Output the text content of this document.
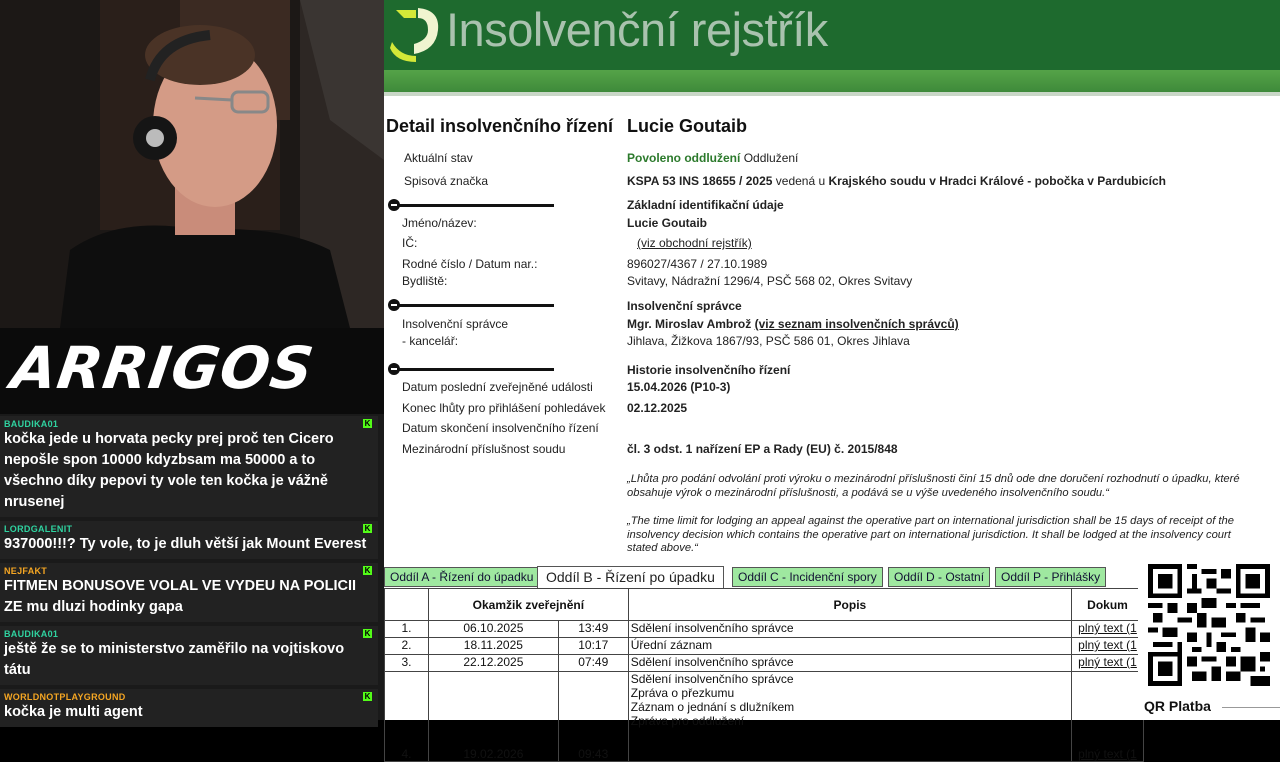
ARRIGOS
BAUDIKA01
kočka jede u horvata pecky prej proč ten Cicero nepošle spon 10000 kdyzbsam ma 50000 a to všechno díky pepovi ty vole ten kočka je vážně nrusenej
K
LORDGALENIT
937000!!!? Ty vole, to je dluh větší jak Mount Everest
K
NEJFAKT
FITMEN BONUSOVE VOLAL VE VYDEU NA POLICII ZE mu dluzi hodinky gapa
K
BAUDIKA01
ještě že se to ministerstvo zaměřilo na vojtiskovo tátu
K
WORLDNOTPLAYGROUND
kočka je multi agent
K
Insolvenční rejstřík
Detail insolvenčního řízení Lucie Goutaib
Aktuální stav	Povoleno oddlužení Oddlužení
Spisová značka	KSPA 53 INS 18655 / 2025 vedená u Krajského soudu v Hradci Králové - pobočka v Pardubicích
Základní identifikační údaje
Jméno/název:	Lucie Goutaib
IČ:	(viz obchodní rejstřík)
Rodné číslo / Datum nar.:	896027/4367 / 27.10.1989
Bydliště:	Svitavy, Nádražní 1296/4, PSČ 568 02, Okres Svitavy
Insolvenční správce
Insolvenční správce	Mgr. Miroslav Ambrož (viz seznam insolvenčních správců)
- kancelář:	Jihlava, Žižkova 1867/93, PSČ 586 01, Okres Jihlava
Historie insolvenčního řízení
Datum poslední zveřejněné události	15.04.2026 (P10-3)
Konec lhůty pro přihlášení pohledávek 02.12.2025
Datum skončení insolvenčního řízení
Mezinárodní příslušnost soudu	čl. 3 odst. 1 nařízení EP a Rady (EU) č. 2015/848
„Lhůta pro podání odvolání proti výroku o mezinárodní příslušnosti činí 15 dnů ode dne doručení rozhodnutí o úpadku, které obsahuje výrok o mezinárodní příslušnosti, a podává se u výše uvedeného insolvenčního soudu.“
„The time limit for lodging an appeal against the operative part on international jurisdiction shall be 15 days of receipt of the insolvency decision which contains the operative part on international jurisdiction. It shall be lodged at the insolvency court stated above.“
Oddíl A - Řízení do úpadku Oddíl B - Řízení po úpadku	Oddíl C - Incidenční spory	Oddíl D - Ostatní	Oddíl P - Přihlášky
	Okamžik zveřejnění		Popis	Dokum
1.	06.10.2025	13:49	Sdělení insolvenčního správce	plný text (1
2.	18.11.2025	10:17	Úřední záznam	plný text (1
3.	22.12.2025	07:49	Sdělení insolvenčního správce	plný text (1
4.	19.02.2026	09:43	Sdělení insolvenčního správce
Zpráva o přezkumu
Záznam o jednání s dlužníkem
Zpráva pro oddlužení	plný text (1
QR Platba
